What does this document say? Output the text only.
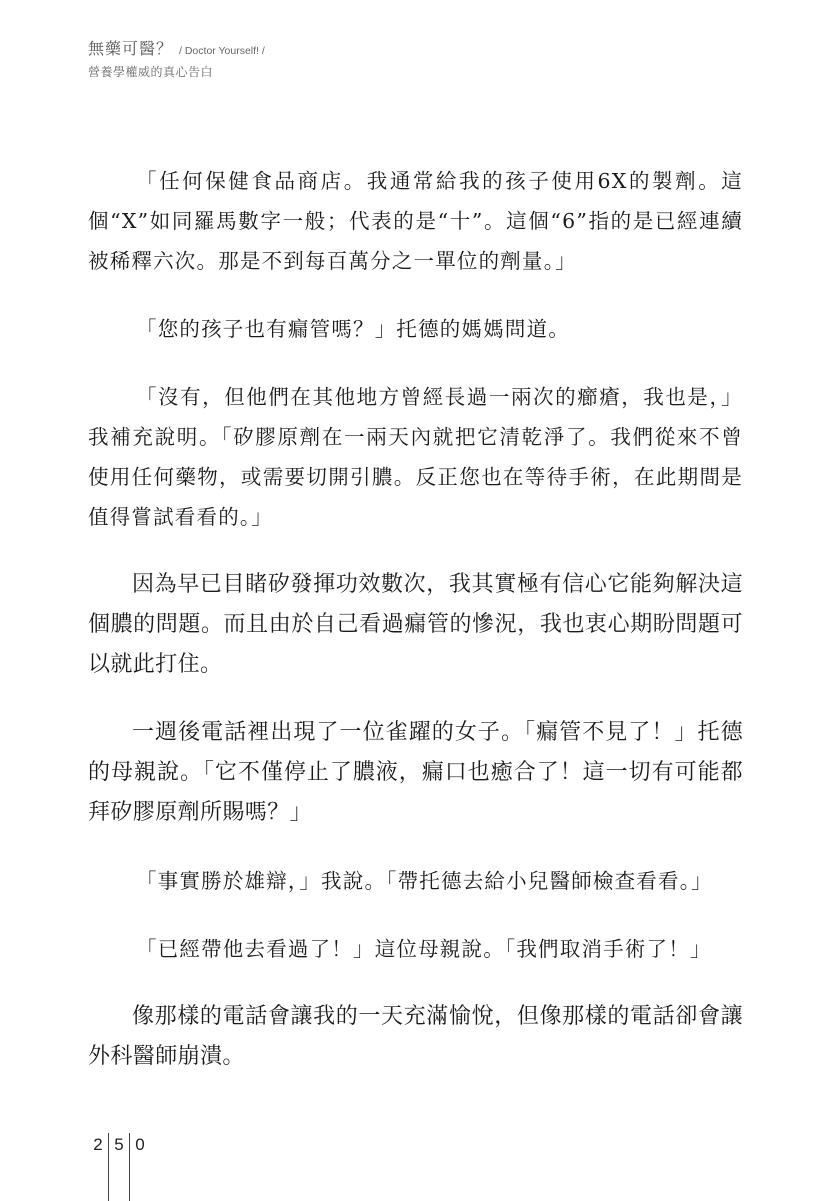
無藥可醫？ / Doctor Yourself! /
營養學權威的真心告白

「任何保健食品商店。我通常給我的孩子使用6X的製劑。這個“X”如同羅馬數字一般；代表的是“十”。這個“6”指的是已經連續被稀釋六次。那是不到每百萬分之一單位的劑量。」

「您的孩子也有瘺管嗎？」托德的媽媽問道。

「沒有，但他們在其他地方曾經長過一兩次的癤瘡，我也是，」我補充說明。「矽膠原劑在一兩天內就把它清乾淨了。我們從來不曾使用任何藥物，或需要切開引膿。反正您也在等待手術，在此期間是值得嘗試看看的。」

因為早已目睹矽發揮功效數次，我其實極有信心它能夠解決這個膿的問題。而且由於自己看過瘺管的慘況，我也衷心期盼問題可以就此打住。

一週後電話裡出現了一位雀躍的女子。「瘺管不見了！」托德的母親說。「它不僅停止了膿液，瘺口也癒合了！這一切有可能都拜矽膠原劑所賜嗎？」

「事實勝於雄辯，」我說。「帶托德去給小兒醫師檢查看看。」

「已經帶他去看過了！」這位母親說。「我們取消手術了！」

像那樣的電話會讓我的一天充滿愉悅，但像那樣的電話卻會讓外科醫師崩潰。

2 5 0
